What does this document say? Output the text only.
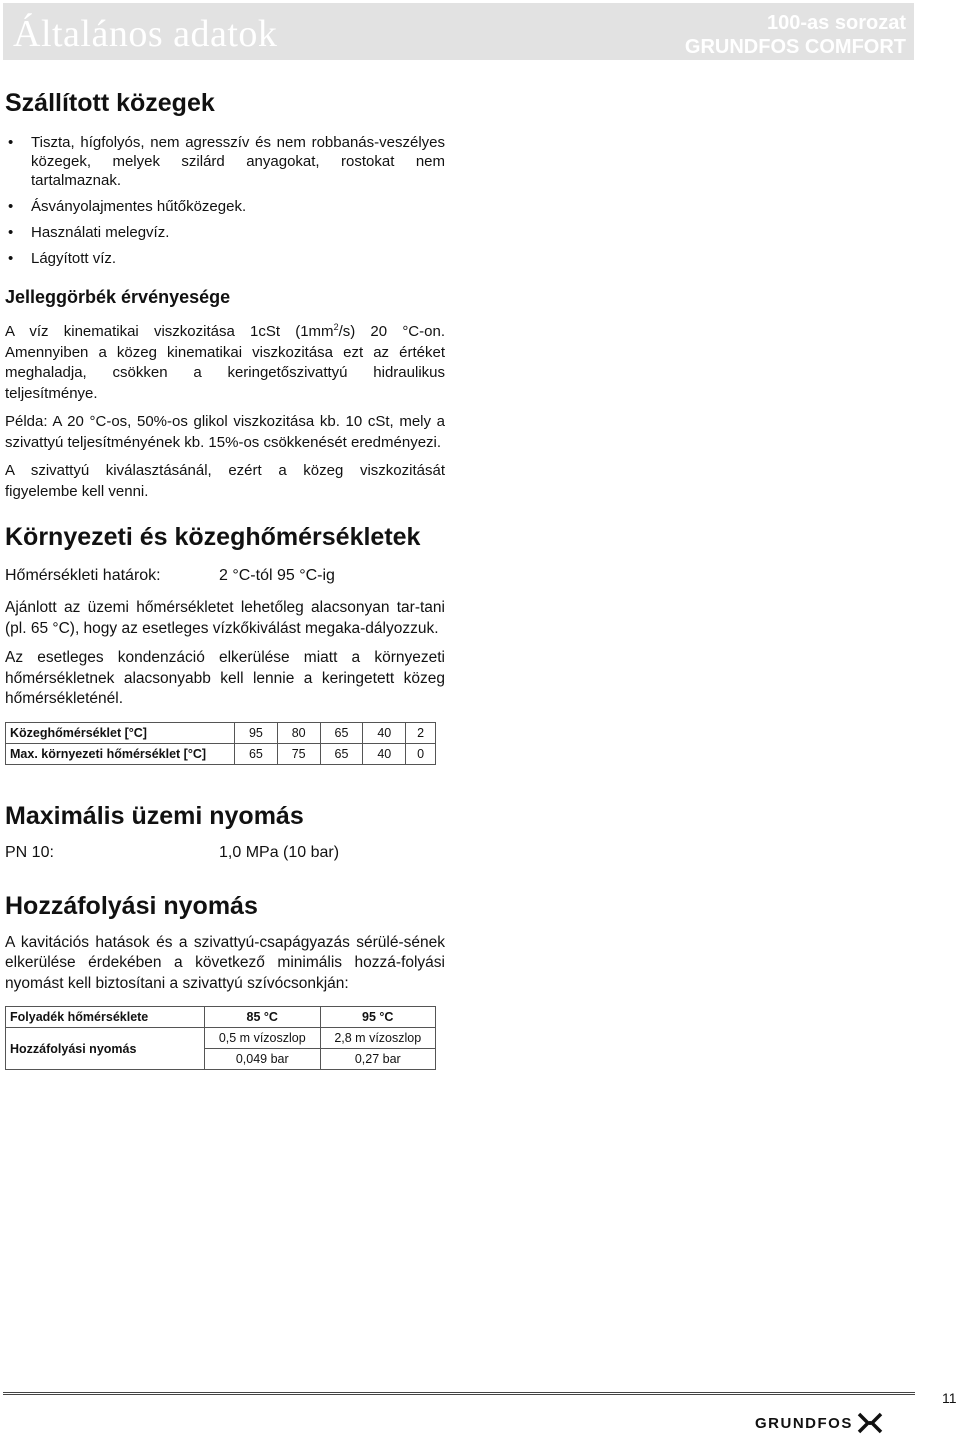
Általános adatok	100-as sorozat
GRUNDFOS COMFORT
Szállított közegek
• Tiszta, hígfolyós, nem agresszív és nem robbanás-veszélyes közegek, melyek szilárd anyagokat, rostokat nem tartalmaznak.
• Ásványolajmentes hűtőközegek.
• Használati melegvíz.
• Lágyított víz.
Jelleggörbék érvényesége

A víz kinematikai viszkozitása 1cSt $(1mm^2/s)$ 20 °C-on. Amennyiben a közeg kinematikai viszkozitása ezt az értéket meghaladja, csökken a keringetőszivattyú hidraulikus teljesítménye.

Példa: A 20 °C-os, 50%-os glikol viszkozitása kb. 10 cSt, mely a szivattyú teljesítményének kb. 15%-os csökkenését eredményezi.

A szivattyú kiválasztásánál, ezért a közeg viszkozitását figyelembe kell venni.

Környezeti és közeghőmérsékletek
Hőmérsékleti határok:	2 °C-tól 95 °C-ig

Ajánlott az üzemi hőmérsékletet lehetőleg alacsonyan tar-tani (pl. 65 °C), hogy az esetleges vízkőkiválást megaka-dályozzuk.

Az esetleges kondenzáció elkerülése miatt a környezeti hőmérsékletnek alacsonyabb kell lennie a keringetett közeg hőmérsékleténél.

Közeghőmérséklet [°C]	95	80	65	40	2
Max. környezeti hőmérséklet [°C]	65	75	65	40	0
Maximális üzemi nyomás
PN 10:	1,0 MPa (10 bar)
Hozzáfolyási nyomás

A kavitációs hatások és a szivattyú-csapágyazás sérülé-sének elkerülése érdekében a következő minimális hozzá-folyási nyomást kell biztosítani a szivattyú szívócsonkján:

Folyadék hőmérséklete	85 °C	95 °C
Hozzáfolyási nyomás	0,5 m vízoszlop	2,8 m vízoszlop
	0,049 bar	0,27 bar
11
GRUNDFOS
